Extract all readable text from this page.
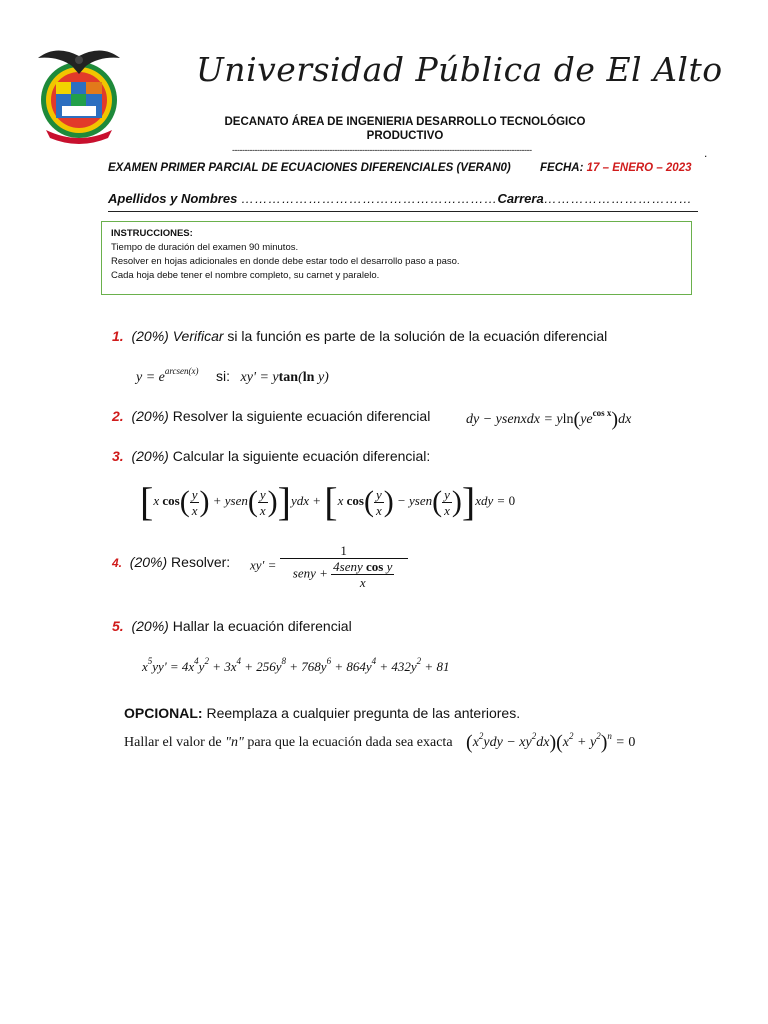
Universidad Pública de El Alto
DECANATO ÁREA DE INGENIERIA DESARROLLO TECNOLÓGICO
PRODUCTIVO
------------------------------------------------------------------------------------------------------------------------	.
EXAMEN PRIMER PARCIAL DE ECUACIONES DIFERENCIALES (VERAN0)	FECHA: 17 – ENERO – 2023
Apellidos y Nombres …………………………………………………Carrera……………………………
INSTRUCCIONES:
Tiempo de duración del examen 90 minutos.
Resolver en hojas adicionales en donde debe estar todo el desarrollo paso a paso.
Cada hoja debe tener el nombre completo, su carnet y paralelo.
1. (20%) Verificar si la función es parte de la solución de la ecuación diferencial
$y = e^{arcsen(x)}$ si:   xy' = ytan(ln y)
2. (20%) Resolver la siguiente ecuación diferencial	dy − ysenxdx = $yln(ye^{cos x})dx$
3. (20%) Calcular la siguiente ecuación diferencial:
[x $\cos( \frac{y}{x}$ ) + ysen( $\frac{y}{x} )]ydx + [x$ $\cos( \frac{y}{x}$ ) − ysen( $\frac{y}{x} )]xdy = 0$
4. (20%) Resolver: $xy' = \frac{1}{seny + \frac{\text{4seny cos y}}{x}}$
5. (20%) Hallar la ecuación diferencial
$x^5yy' = 4x^4y^2 + 3x^4 + 256y^8 + 768y^6 + 864y^4 + 432y^2 + 81$
OPCIONAL: Reemplaza a cualquier pregunta de las anteriores.
Hallar el valor de "n" para que la ecuación dada sea exacta $(x^2ydy - xy^2dx)(x^2 + y^2)^n = 0$
